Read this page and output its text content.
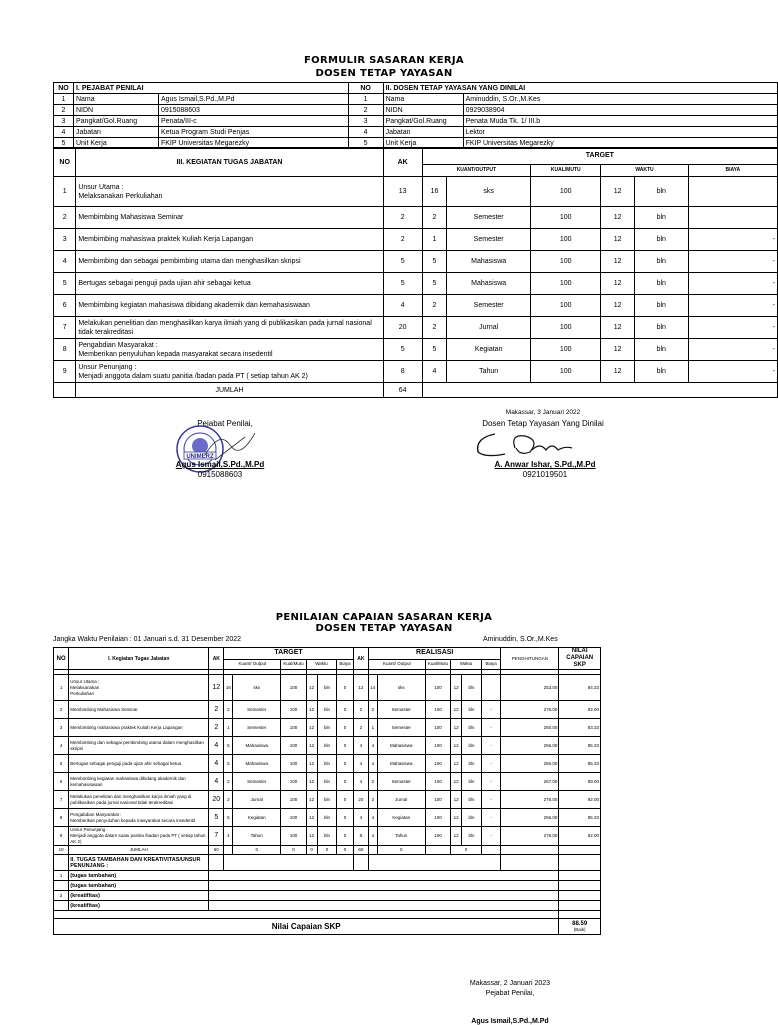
FORMULIR SASARAN KERJA
DOSEN TETAP YAYASAN
NO	I. PEJABAT PENILAI		NO	II. DOSEN TETAP YAYASAN YANG DINILAI	
1	Nama	Agus Ismail,S.Pd.,M.Pd	1	Nama	Aminuddin, S.Or.,M.Kes
2	NIDN	0915088603	2	NIDN	0929038904
3	Pangkat/Gol.Ruang	Penata/III-c	3	Pangkat/Gol.Ruang	Penata Muda Tk. 1/ III.b
4	Jabatan	Ketua Program Studi Penjas	4	Jabatan	Lektor
5	Unit Kerja	FKIP Universitas Megarezky	5	Unit Kerja	FKIP Universitas Megarezky
NO	III. KEGIATAN TUGAS JABATAN	AK	TARGET					
			KUANT/OUTPUT		KUAL/MUTU	WAKTU		BIAYA
1	Unsur Utama :
Melaksanakan Perkuliahan	13	16	sks	100	12	bln	
2	Membimbing Mahasiswa Seminar	2	2	Semester	100	12	bln	
3	Membimbing mahasiswa praktek Kuliah Kerja Lapangan	2	1	Semester	100	12	bln	-
4	Membimbing dan sebagai pembimbing utama dan menghasilkan skripsi	5	5	Mahasiswa	100	12	bln	-
5	Bertugas sebagai penguji pada ujian ahir sebagai ketua	5	5	Mahasiswa	100	12	bln	-
6	Membimbing kegiatan mahasiswa dibidang akademik dan kemahasiswaan	4	2	Semester	100	12	bln	-
7	Melakukan penelitian dan menghasilkan karya ilmiah yang di publikasikan pada jurnal nasional tidak terakreditasi	20	2	Jurnal	100	12	bln	-
8	Pengabdian Masyarakat :
Memberikan penyuluhan kepada masyarakat secara insedentil	5	5	Kegiatan	100	12	bln	-
9	Unsur Penunjang :
Menjadi anggota dalam suatu panitia /badan pada PT ( setiap tahun AK 2)	8	4	Tahun	100	12	bln	-
	JUMLAH	64						
Makassar, 3 Januari 2022
Pejabat Penilai,	Dosen Tetap Yayasan Yang Dinilai
UNIMERZ
Agus Ismail,S.Pd.,M.Pd
0915088603
A. Anwar Ishar, S.Pd.,M.Pd
0921019501
PENILAIAN CAPAIAN SASARAN KERJA
DOSEN TETAP YAYASAN
Jangka Waktu Penilaian : 01 Januari s.d. 31 Desember 2022	Aminuddin, S.Or.,M.Kes
NO	I. Kegiatan Tugas Jabatan	AK	TARGET						AK	REALISASI						PENGHITUNGAN	NILAI CAPAIAN SKP
			Kuant/ Output		Kual/Mutu	Waktu		Biaya		Kuant/ Output		Kual/Mutu	Waktu		Biaya		

1	Unsur Utama :
Melaksanakan
Perkuliahan	12	16	sks	100	12	bln	0	12	14	sks	100	12	bln		253.00	84.33
2	Membimbing Mahasiswa Seminar	2	2	Semester	100	12	bln	0	2	2	Semester	100	12	bln	-	276.00	92.00
3	Membimbing mahasiswa praktek Kuliah Kerja Lapangan	2	1	Semester	100	12	bln	0	2	1	Semester	100	12	bln	-	250.00	83.33
4	Membimbing dan sebagai pembimbing utama dalam menghasilkan skripsi	4	5	Mahasiswa	100	12	bln	0	4	4	Mahasiswa	100	12	bln	-	256.00	85.33
5	Bertugas sebagai penguji pada ujian ahir sebagai ketua	4	5	Mahasiswa	100	12	bln	0	4	4	Mahasiswa	100	12	bln	-	256.00	85.33
6	Membimbing kegiatan mahasiswa dibidang akademik dan kemahasiswaan	4	2	Semester	100	12	bln	0	4	2	Semester	100	12	bln	-	267.00	89.00
7	Melakukan penelitian dan menghasilkan karya ilmiah yang di publikasikan pada jurnal nasional tidak terakreditasi	20	2	Jurnal	100	12	bln	0	20	2	Jurnal	100	12	bln	-	276.00	92.00
8	Pengabdian Masyarakat :
Memberikan penyuluhan kepada masyarakat secara insedentil	5	5	Kegiatan	100	12	bln	0	4	4	Kegiatan	100	12	bln	-	256.00	85.33
9	Unsur Penunjang :
Menjadi anggota dalam suatu panitia /badan pada PT ( setiap tahun AK 2)	7	4	Tahun	100	12	bln	0	8	4	Tahun	100	12	bln	-	276.00	92.00
10	JUMLAH	60		0	0	0	0	0	60		0		0				
	II. TUGAS TAMBAHAN DAN KREATIVITAS/UNSUR PENUNJANG :																
1	(tugas tambahan)																
	(tugas tambahan)																
2	(kreatifitas)																
	(kreatifitas)																

Nilai Capaian SKP																	88.59
(Baik)
Makassar, 2 Januari 2023
Pejabat Penilai,
Agus Ismail,S.Pd.,M.Pd
